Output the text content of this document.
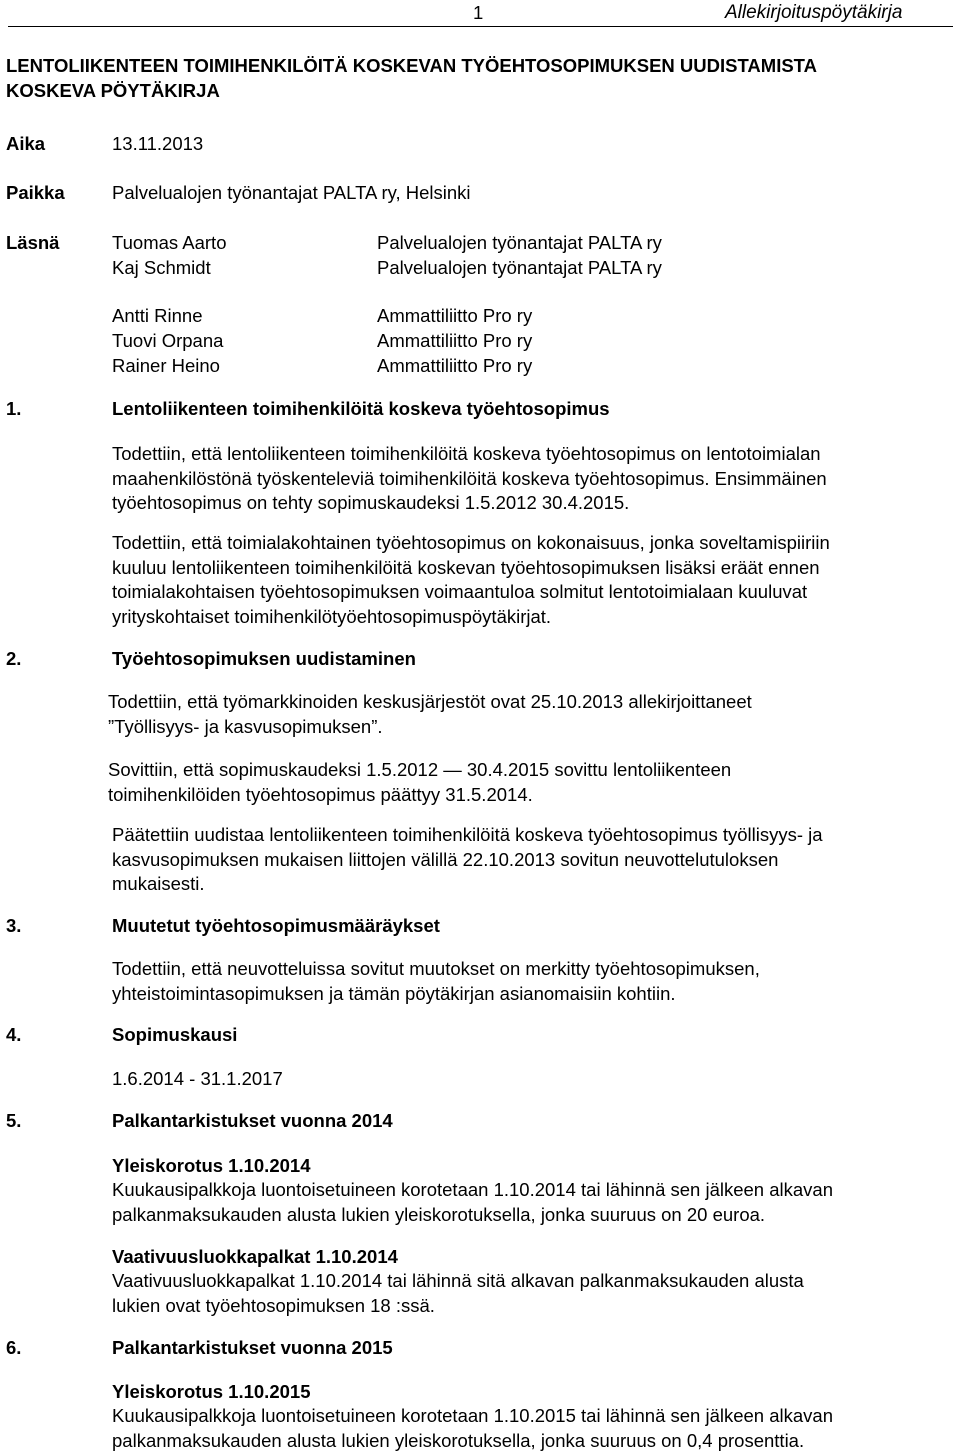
1	Allekirjoituspöytäkirja
LENTOLIIKENTEEN TOIMIHENKILÖITÄ KOSKEVAN TYÖEHTOSOPIMUKSEN UUDISTAMISTA
KOSKEVA PÖYTÄKIRJA
Aika	13.11.2013
Paikka	Palvelualojen työnantajat PALTA ry, Helsinki
Läsnä	Tuomas Aarto	Palvelualojen työnantajat PALTA ry
Kaj Schmidt	Palvelualojen työnantajat PALTA ry
Antti Rinne	Ammattiliitto Pro ry
Tuovi Orpana	Ammattiliitto Pro ry
Rainer Heino	Ammattiliitto Pro ry
1.	Lentoliikenteen toimihenkilöitä koskeva työehtosopimus
Todettiin, että lentoliikenteen toimihenkilöitä koskeva työehtosopimus on lentotoimialan
maahenkilöstönä työskenteleviä toimihenkilöitä koskeva työehtosopimus. Ensimmäinen
työehtosopimus on tehty sopimuskaudeksi 1.5.2012 30.4.2015.
Todettiin, että toimialakohtainen työehtosopimus on kokonaisuus, jonka soveltamispiiriin
kuuluu lentoliikenteen toimihenkilöitä koskevan työehtosopimuksen lisäksi eräät ennen
toimialakohtaisen työehtosopimuksen voimaantuloa solmitut lentotoimialaan kuuluvat
yrityskohtaiset toimihenkilötyöehtosopimuspöytäkirjat.
2.	Työehtosopimuksen uudistaminen
Todettiin, että työmarkkinoiden keskusjärjestöt ovat 25.10.2013 allekirjoittaneet
”Työllisyys- ja kasvusopimuksen”.
Sovittiin, että sopimuskaudeksi 1.5.2012 — 30.4.2015 sovittu lentoliikenteen
toimihenkilöiden työehtosopimus päättyy 31.5.2014.
Päätettiin uudistaa lentoliikenteen toimihenkilöitä koskeva työehtosopimus työllisyys- ja
kasvusopimuksen mukaisen liittojen välillä 22.10.2013 sovitun neuvottelutuloksen
mukaisesti.
3.	Muutetut työehtosopimusmääräykset
Todettiin, että neuvotteluissa sovitut muutokset on merkitty työehtosopimuksen,
yhteistoimintasopimuksen ja tämän pöytäkirjan asianomaisiin kohtiin.
4.	Sopimuskausi
1.6.2014 - 31.1.2017
5.	Palkantarkistukset vuonna 2014
Yleiskorotus 1.10.2014
Kuukausipalkkoja luontoisetuineen korotetaan 1.10.2014 tai lähinnä sen jälkeen alkavan
palkanmaksukauden alusta lukien yleiskorotuksella, jonka suuruus on 20 euroa.
Vaativuusluokkapalkat 1.10.2014
Vaativuusluokkapalkat 1.10.2014 tai lähinnä sitä alkavan palkanmaksukauden alusta
lukien ovat työehtosopimuksen 18 :ssä.
6.	Palkantarkistukset vuonna 2015
Yleiskorotus 1.10.2015
Kuukausipalkkoja luontoisetuineen korotetaan 1.10.2015 tai lähinnä sen jälkeen alkavan
palkanmaksukauden alusta lukien yleiskorotuksella, jonka suuruus on 0,4 prosenttia.
